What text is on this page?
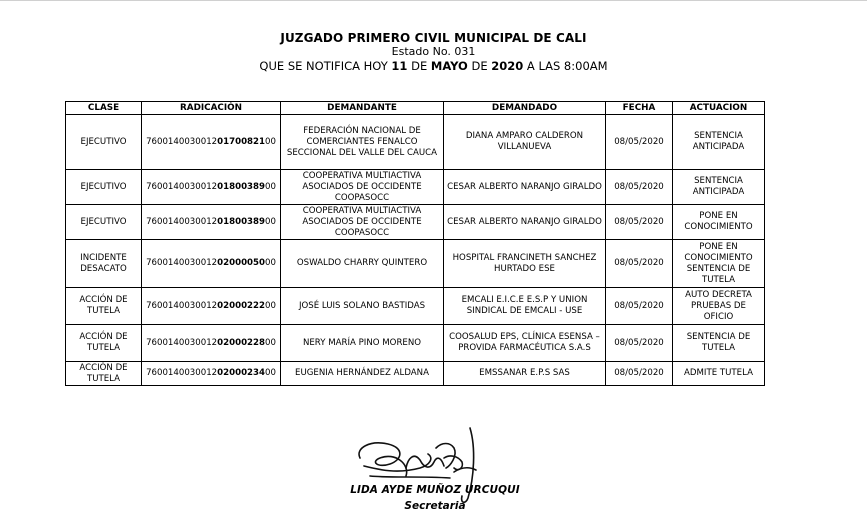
JUZGADO PRIMERO CIVIL MUNICIPAL DE CALI
Estado No. 031
QUE SE NOTIFICA HOY 11 DE MAYO DE 2020 A LAS 8:00AM
CLASE	RADICACIÓN	DEMANDANTE	DEMANDADO	FECHA	ACTUACION
EJECUTIVO	76001400300120170082100	FEDERACIÓN NACIONAL DE COMERCIANTES FENALCO SECCIONAL DEL VALLE DEL CAUCA	DIANA AMPARO CALDERON VILLANUEVA	08/05/2020	SENTENCIA ANTICIPADA
EJECUTIVO	76001400300120180038900	COOPERATIVA MULTIACTIVA ASOCIADOS DE OCCIDENTE COOPASOCC	CESAR ALBERTO NARANJO GIRALDO	08/05/2020	SENTENCIA ANTICIPADA
EJECUTIVO	76001400300120180038900	COOPERATIVA MULTIACTIVA ASOCIADOS DE OCCIDENTE COOPASOCC	CESAR ALBERTO NARANJO GIRALDO	08/05/2020	PONE EN CONOCIMIENTO
INCIDENTE DESACATO	76001400300120200005000	OSWALDO CHARRY QUINTERO	HOSPITAL FRANCINETH SANCHEZ HURTADO ESE	08/05/2020	PONE EN CONOCIMIENTO SENTENCIA DE TUTELA
ACCIÓN DE TUTELA	76001400300120200022200	JOSÉ LUIS SOLANO BASTIDAS	EMCALI E.I.C.E E.S.P Y UNION SINDICAL DE EMCALI - USE	08/05/2020	AUTO DECRETA PRUEBAS DE OFICIO
ACCIÓN DE TUTELA	76001400300120200022800	NERY MARÍA PINO MORENO	COOSALUD EPS, CLÍNICA ESENSA – PROVIDA FARMACÉUTICA S.A.S	08/05/2020	SENTENCIA DE TUTELA
ACCIÓN DE TUTELA	76001400300120200023400	EUGENIA HERNÁNDEZ ALDANA	EMSSANAR E.P.S SAS	08/05/2020	ADMITE TUTELA
LIDA AYDE MUÑOZ URCUQUI
Secretaria
